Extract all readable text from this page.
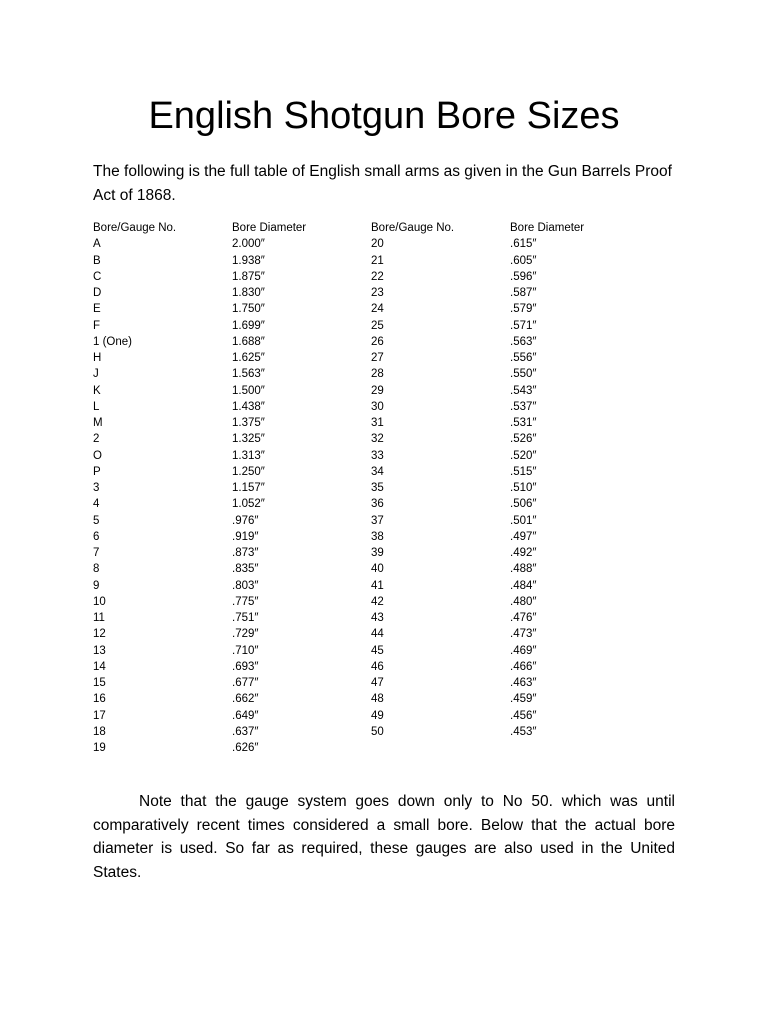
English Shotgun Bore Sizes

The following is the full table of English small arms as given in the Gun Barrels Proof Act of 1868.

Bore/Gauge No.	Bore Diameter
A	2.000″
B	1.938″
C	1.875″
D	1.830″
E	1.750″
F	1.699″
1 (One)	1.688″
H	1.625″
J	1.563″
K	1.500″
L	1.438″
M	1.375″
2	1.325″
O	1.313″
P	1.250″
3	1.157″
4	1.052″
5	.976″
6	.919″
7	.873″
8	.835″
9	.803″
10	.775″
11	.751″
12	.729″
13	.710″
14	.693″
15	.677″
16	.662″
17	.649″
18	.637″
19	.626″
Bore/Gauge No.	Bore Diameter
20	.615″
21	.605″
22	.596″
23	.587″
24	.579″
25	.571″
26	.563″
27	.556″
28	.550″
29	.543″
30	.537″
31	.531″
32	.526″
33	.520″
34	.515″
35	.510″
36	.506″
37	.501″
38	.497″
39	.492″
40	.488″
41	.484″
42	.480″
43	.476″
44	.473″
45	.469″
46	.466″
47	.463″
48	.459″
49	.456″
50	.453″

Note that the gauge system goes down only to No 50. which was until comparatively recent times considered a small bore. Below that the actual bore diameter is used. So far as required, these gauges are also used in the United States.
